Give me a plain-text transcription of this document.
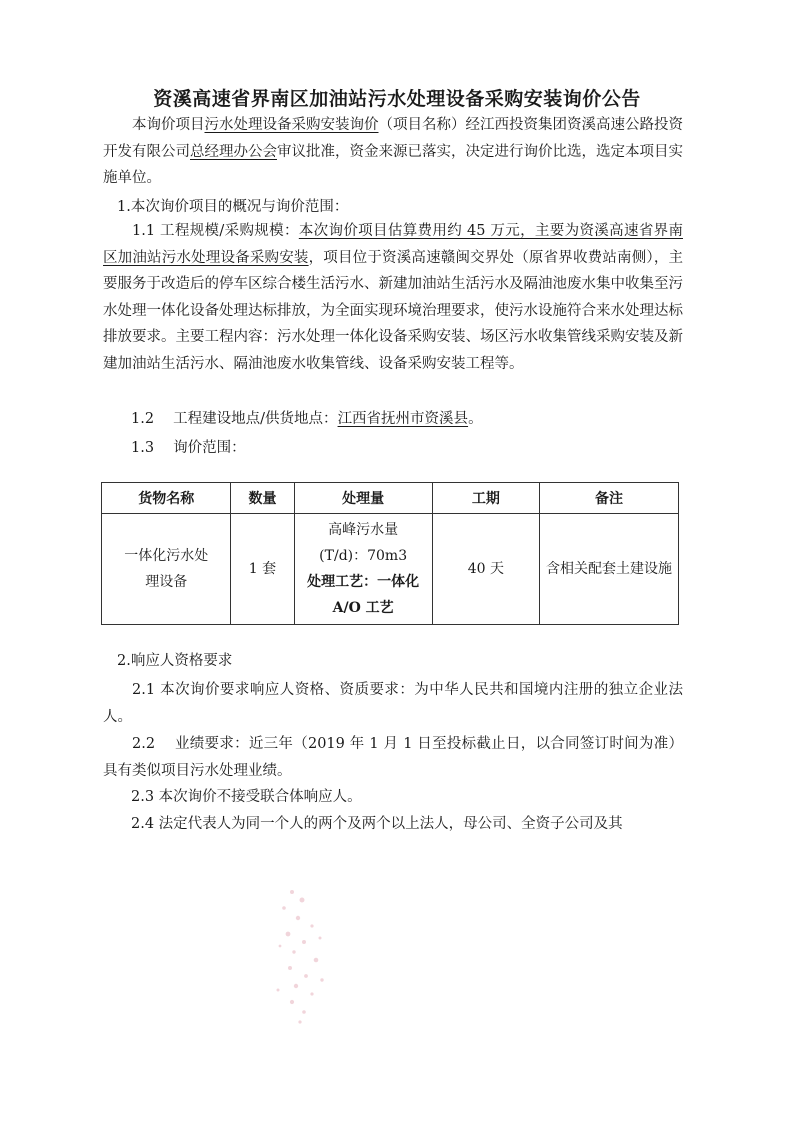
资溪高速省界南区加油站污水处理设备采购安装询价公告
本询价项目污水处理设备采购安装询价（项目名称）经江西投资集团资溪高速公路投资开发有限公司总经理办公会审议批准，资金来源已落实，决定进行询价比选，选定本项目实施单位。
1.本次询价项目的概况与询价范围：
1.1 工程规模/采购规模：本次询价项目估算费用约 45 万元，主要为资溪高速省界南区加油站污水处理设备采购安装，项目位于资溪高速赣闽交界处（原省界收费站南侧），主要服务于改造后的停车区综合楼生活污水、新建加油站生活污水及隔油池废水集中收集至污水处理一体化设备处理达标排放，为全面实现环境治理要求，使污水设施符合来水处理达标排放要求。主要工程内容：污水处理一体化设备采购安装、场区污水收集管线采购安装及新建加油站生活污水、隔油池废水收集管线、设备采购安装工程等。
1.2　 工程建设地点/供货地点：江西省抚州市资溪县。
1.3　 询价范围：
货物名称	数量	处理量	工期	备注

一体化污水处理设备	1 套	高峰污水量
(T/d)：70m3
处理工艺：一体化 A/O 工艺	40 天	含相关配套土建设施
2.响应人资格要求
2.1 本次询价要求响应人资格、资质要求：为中华人民共和国境内注册的独立企业法人。
2.2　 业绩要求：近三年（2019 年 1 月 1 日至投标截止日，以合同签订时间为准）具有类似项目污水处理业绩。
2.3 本次询价不接受联合体响应人。
2.4 法定代表人为同一个人的两个及两个以上法人，母公司、全资子公司及其
